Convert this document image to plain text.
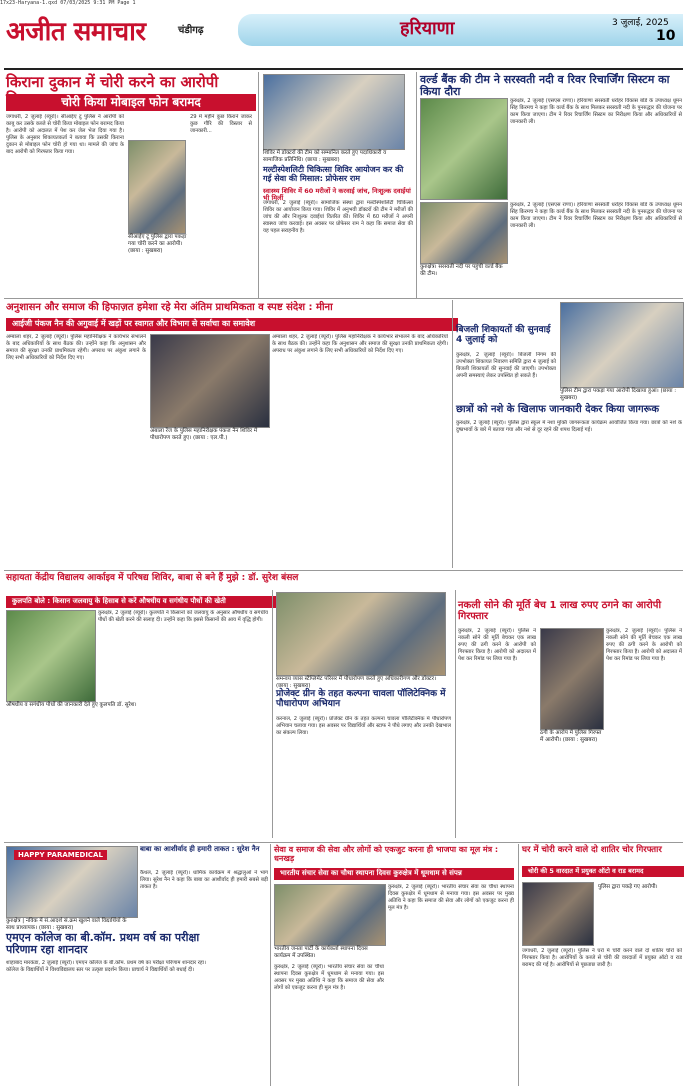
17x23-Haryana-1.qxd 07/03/2025 9:31 PM Page 1
अजीत समाचार	चंडीगढ़	हरियाणा	3 जुलाई, 2025
10
किराना दुकान में चोरी करने का आरोपी
चोरी किया मोबाइल फोन बरामद
जगाधरी, 2 जुलाई (ब्यूरो)। सीआईए टू पुलिस ने आरोपी को काबू कर उसके कब्जे से चोरी किया मोबाइल फोन बरामद किया है। आरोपी को अदालत में पेश कर जेल भेज दिया गया है। पुलिस के अनुसार शिकायतकर्ता ने बताया कि उसकी किराना दुकान से मोबाइल फोन चोरी हो गया था। मामले की जांच के बाद आरोपी को गिरफ्तार किया गया।
सीआईए टू पुलिस द्वारा पकड़ा गया चोरी करने का आरोपी। (छाया : सुखबरा)
29 मे महीने कुछ किराने जाकर कुछ गौरि की विस्तार से जानकारी...
शिविर में डॉक्टरों की टीम को सम्मानित करते हुए पदाधिकारी व सामाजिक प्रतिनिधि। (छाया : सुखबरा)
मल्टीस्पेशलिटी चिकित्सा शिविर आयोजन कर की गई सेवा की मिसाल: प्रोफेसर राम
स्वास्थ्य शिविर में 60 मरीजों ने करवाई जांच, निःशुल्क दवाईयां भी मिलीं
जगाधरी, 2 जुलाई (ब्यूरो)। सामाजिक संस्था द्वारा मल्टीस्पेशलिटी चिकित्सा शिविर का आयोजन किया गया। शिविर में अनुभवी डॉक्टरों की टीम ने मरीजों की जांच की और निःशुल्क दवाईयां वितरित कीं। शिविर में 60 मरीजों ने अपनी स्वास्थ्य जांच करवाई। इस अवसर पर प्रोफेसर राम ने कहा कि समाज सेवा की यह पहल सराहनीय है।
वर्ल्ड बैंक की टीम ने सरस्वती नदी व रिवर रिचार्जिंग सिस्टम का किया दौरा
कुरुक्षेत्र, 2 जुलाई (एसएस राणा)। हरियाणा सरस्वती धरोहर विकास बोर्ड के उपाध्यक्ष धूमन सिंह किरमच ने कहा कि वर्ल्ड बैंक के साथ मिलकर सरस्वती नदी के पुनरुद्धार की योजना पर काम किया जाएगा। टीम ने रिवर रिचार्जिंग सिस्टम का निरीक्षण किया और अधिकारियों से जानकारी ली।
कुरुक्षेत्र, 2 जुलाई (एसएस राणा)। हरियाणा सरस्वती धरोहर विकास बोर्ड के उपाध्यक्ष धूमन सिंह किरमच ने कहा कि वर्ल्ड बैंक के साथ मिलकर सरस्वती नदी के पुनरुद्धार की योजना पर काम किया जाएगा। टीम ने रिवर रिचार्जिंग सिस्टम का निरीक्षण किया और अधिकारियों से जानकारी ली।
कुरुक्षेत्र। सरस्वती नदी पर पहुंची वर्ल्ड बैंक की टीम।
अनुशासन और समाज की हिफाज़त हमेशा रहे मेरा अंतिम प्राथमिकता व स्पष्ट संदेश : मीना
आईजी पंकज नैन की अगुवाई में खड़ों पर स्वागत और विभाग से सर्वाचा का समावेश
अम्बाला शहर, 2 जुलाई (ब्यूरो)। पुलिस महानिरीक्षक ने कार्यभार संभालने के बाद अधिकारियों के साथ बैठक की। उन्होंने कहा कि अनुशासन और समाज की सुरक्षा उनकी प्राथमिकता रहेगी। अपराध पर अंकुश लगाने के लिए सभी अधिकारियों को निर्देश दिए गए।
अंबाला रेंज के पुलिस महानिरीक्षक पंकज नैन शिविर में पौधारोपण करते हुए। (छाया : एल.पी.)
अम्बाला शहर, 2 जुलाई (ब्यूरो)। पुलिस महानिरीक्षक ने कार्यभार संभालने के बाद अधिकारियों के साथ बैठक की। उन्होंने कहा कि अनुशासन और समाज की सुरक्षा उनकी प्राथमिकता रहेगी। अपराध पर अंकुश लगाने के लिए सभी अधिकारियों को निर्देश दिए गए।
बिजली शिकायतों की सुनवाई 4 जुलाई को
कुरुक्षेत्र, 2 जुलाई (ब्यूरो)। बिजली निगम की उपभोक्ता शिकायत निवारण समिति द्वारा 4 जुलाई को बिजली शिकायतों की सुनवाई की जाएगी। उपभोक्ता अपनी समस्याएं लेकर उपस्थित हो सकते हैं।
पुलिस टीम द्वारा पकड़ा गया आरोपी दिखाया हुआ। (छाया : सुखबरा)
छात्रों को नशे के खिलाफ जानकारी देकर किया जागरूक
कुरुक्षेत्र, 2 जुलाई (ब्यूरो)। पुलिस द्वारा स्कूल में नशा मुक्ति जागरूकता कार्यक्रम आयोजित किया गया। छात्रों को नशे के दुष्प्रभावों के बारे में बताया गया और नशे से दूर रहने की शपथ दिलाई गई।
सहायता केंद्रीय विद्यालय आर्काइव में परिषद्य शिविर, बाबा से बने हैं मुझे : डॉ. सुरेश बंसल
कुलपति बोले : किसान जलवायु के हिसाब से करें औषधीय व सगंधीय पौधों की खेती
औषधीय व सगंधीय पौधों की जानकारी देते हुए कुलपति डॉ. सुरेश।
कुरुक्षेत्र, 2 जुलाई (ब्यूरो)। कुलपति ने किसानों को जलवायु के अनुसार औषधीय व सगंधीय पौधों की खेती करने की सलाह दी। उन्होंने कहा कि इससे किसानों की आय में वृद्धि होगी।
समन्वय व्यास स्टैप्लिमेंट परिसर में पौधारोपण करते हुए अधिकारीगण और डॉक्टर। (छाया : सुखबरा)
प्रोजेक्ट ग्रीन के तहत कल्पना चावला पॉलिटेक्निक में पौधारोपण अभियान
करनाल, 2 जुलाई (ब्यूरो)। प्रोजेक्ट ग्रीन के तहत कल्पना चावला पॉलिटेक्निक में पौधारोपण अभियान चलाया गया। इस अवसर पर विद्यार्थियों और स्टाफ ने पौधे लगाए और उनकी देखभाल का संकल्प लिया।
नकली सोने की मूर्ति बेच 1 लाख रुपए ठगने का आरोपी गिरफ्तार
कुरुक्षेत्र, 2 जुलाई (ब्यूरो)। पुलिस ने नकली सोने की मूर्ति बेचकर एक लाख रुपए की ठगी करने के आरोपी को गिरफ्तार किया है। आरोपी को अदालत में पेश कर रिमांड पर लिया गया है।
ठगी के आरोप में पुलिस गिरफ्त में आरोपी। (छाया : सुखबरा)
कुरुक्षेत्र, 2 जुलाई (ब्यूरो)। पुलिस ने नकली सोने की मूर्ति बेचकर एक लाख रुपए की ठगी करने के आरोपी को गिरफ्तार किया है। आरोपी को अदालत में पेश कर रिमांड पर लिया गया है।
HAPPY PARAMEDICAL
कुरुक्षेत्र | नविक में सं.आदर्श सं.क्रम खुलने वाले विद्यार्थियों के साथ प्राध्यापक। (छाया : सुखबरा)
एमएन कॉलेज का बी.कॉम. प्रथम वर्ष का परीक्षा परिणाम रहा शानदार
शाहाबाद मारकंडा, 2 जुलाई (ब्यूरो)। एमएन कॉलेज के बी.कॉम. प्रथम वर्ष का परीक्षा परिणाम शानदार रहा। कॉलेज के विद्यार्थियों ने विश्वविद्यालय स्तर पर उत्कृष्ट प्रदर्शन किया। प्राचार्य ने विद्यार्थियों को बधाई दी।
बाबा का आशीर्वाद ही हमारी ताकत : सुरेश नैन
कैथल, 2 जुलाई (ब्यूरो)। धार्मिक कार्यक्रम में श्रद्धालुओं ने भाग लिया। सुरेश नैन ने कहा कि बाबा का आशीर्वाद ही हमारी सबसे बड़ी ताकत है।
सेवा व समाज की सेवा और लोगों को एकजुट करना ही भाजपा का मूल मंत्र : धनखड़
भारतीय संचार सेवा का चौथा स्थापना दिवस कुरुक्षेत्र में धूमधाम से संपन्न
भारतीय जनता पार्टी के कार्यकर्ता स्थापना दिवस कार्यक्रम में उपस्थित।
कुरुक्षेत्र, 2 जुलाई (ब्यूरो)। भारतीय संचार सेवा का चौथा स्थापना दिवस कुरुक्षेत्र में धूमधाम से मनाया गया। इस अवसर पर मुख्य अतिथि ने कहा कि समाज की सेवा और लोगों को एकजुट करना ही मूल मंत्र है।
कुरुक्षेत्र, 2 जुलाई (ब्यूरो)। भारतीय संचार सेवा का चौथा स्थापना दिवस कुरुक्षेत्र में धूमधाम से मनाया गया। इस अवसर पर मुख्य अतिथि ने कहा कि समाज की सेवा और लोगों को एकजुट करना ही मूल मंत्र है।
घर में चोरी करने वाले दो शातिर चोर गिरफ्तार
चोरी की 5 वारदात में प्रयुक्त ऑटो व राड बरामद
पुलिस द्वारा पकड़े गए आरोपी।
जगाधरी, 2 जुलाई (ब्यूरो)। पुलिस ने घरों में चोरी करने वाले दो शातिर चोरों को गिरफ्तार किया है। आरोपियों के कब्जे से चोरी की वारदातों में प्रयुक्त ऑटो व राड बरामद की गई है। आरोपियों से पूछताछ जारी है।
